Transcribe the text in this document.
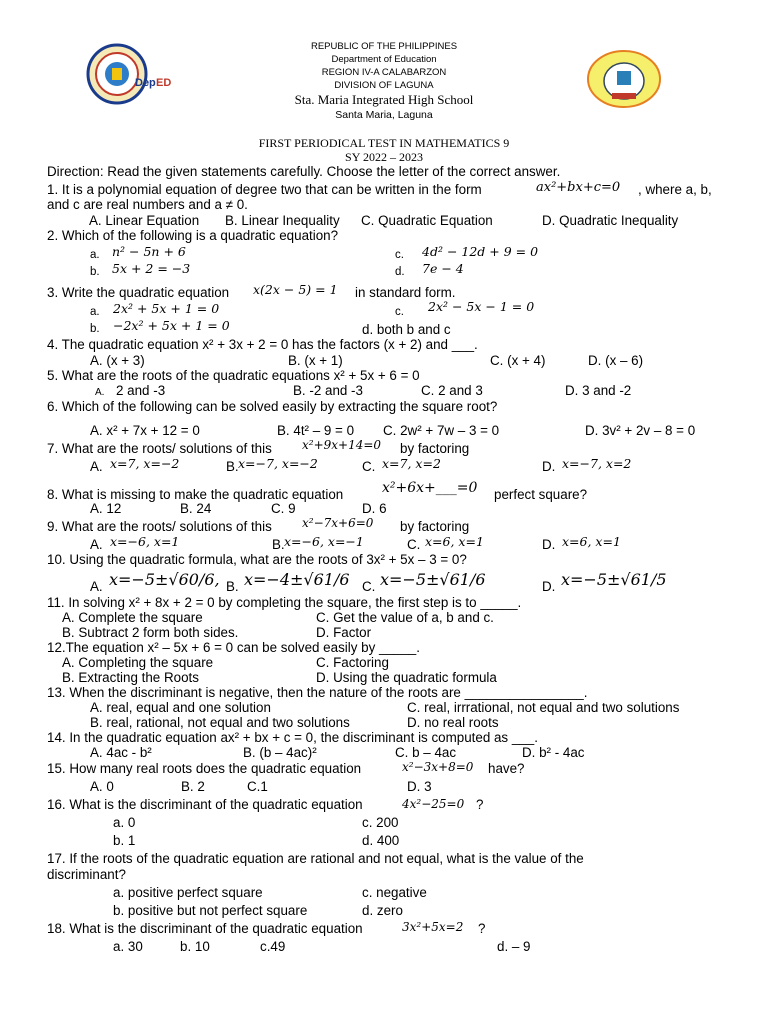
Dep ED
REPUBLIC OF THE PHILIPPINES
Department of Education
REGION IV-A CALABARZON
DIVISION OF LAGUNA
Sta. Maria Integrated High School
Santa Maria, Laguna
FIRST PERIODICAL TEST IN MATHEMATICS 9
SY 2022 – 2023
Direction: Read the given statements carefully. Choose the letter of the correct answer.
1. It is a polynomial equation of degree two that can be written in the form	ax²+bx+c=0 , where a, b,
and c are real numbers and a ≠ 0.
A. Linear Equation B. Linear Inequality C. Quadratic Equation	D. Quadratic Inequality
2. Which of the following is a quadratic equation?
a. n² − 5n + 6
b. 5x + 2 = −3
c. 4d² − 12d + 9 = 0
d. 7e − 4
3. Write the quadratic equation x(2x − 5) = 1 in standard form.
a. 2x² + 5x + 1 = 0
b. −2x² + 5x + 1 = 0
c. 2x² − 5x − 1 = 0
d. both b and c
4. The quadratic equation x² + 3x + 2 = 0 has the factors (x + 2) and ___.
A. (x + 3)	B. (x + 1)	C. (x + 4)	D. (x – 6)
5. What are the roots of the quadratic equations x² + 5x + 6 = 0
A. 2 and -3	B. -2 and -3	C. 2 and 3	D. 3 and -2
6. Which of the following can be solved easily by extracting the square root?
A. x² + 7x + 12 = 0	B. 4t² – 9 = 0 C. 2w² + 7w – 3 = 0	D. 3v² + 2v – 8 = 0
7. What are the roots/ solutions of this	x²+9x+14=0 by factoring
A. x=7, x=−2	B. x=−7, x=−2	C. x=7, x=2	D. x=−7, x=2
8. What is missing to make the quadratic equation	x²+6x+___=0 perfect square?
A. 12	B. 24	C. 9	D. 6
9. What are the roots/ solutions of this	x²−7x+6=0 by factoring
A. x=−6, x=1	B. x=−6, x=−1	C. x=6, x=1	D. x=6, x=1
10. Using the quadratic formula, what are the roots of 3x² + 5x – 3 = 0?
A. x=−5±√60/6, B. x=−4±√61/6 C. x=−5±√61/6	D. x=−5±√61/5
11. In solving x² + 8x + 2 = 0 by completing the square, the first step is to _____.
A. Complete the square	C. Get the value of a, b and c.
B. Subtract 2 form both sides.	D. Factor
12.The equation x² – 5x + 6 = 0 can be solved easily by _____.
A. Completing the square	C. Factoring
B. Extracting the Roots	D. Using the quadratic formula
13. When the discriminant is negative, then the nature of the roots are ________________.
A. real, equal and one solution	C. real, irrrational, not equal and two solutions
B. real, rational, not equal and two solutions	D. no real roots
14. In the quadratic equation ax² + bx + c = 0, the discriminant is computed as ___.
A. 4ac - b²	B. (b – 4ac)²	C. b – 4ac	D. b² - 4ac
15. How many real roots does the quadratic equation	x²−3x+8=0 have?
A. 0	B. 2	C.1	D. 3
16. What is the discriminant of the quadratic equation	4x²−25=0 ?
a. 0	c. 200
b. 1	d. 400
17. If the roots of the quadratic equation are rational and not equal, what is the value of the
discriminant?
a. positive perfect square	c. negative
b. positive but not perfect square	d. zero
18. What is the discriminant of the quadratic equation	3x²+5x=2 ?
a. 30	b. 10	c.49	d. – 9
